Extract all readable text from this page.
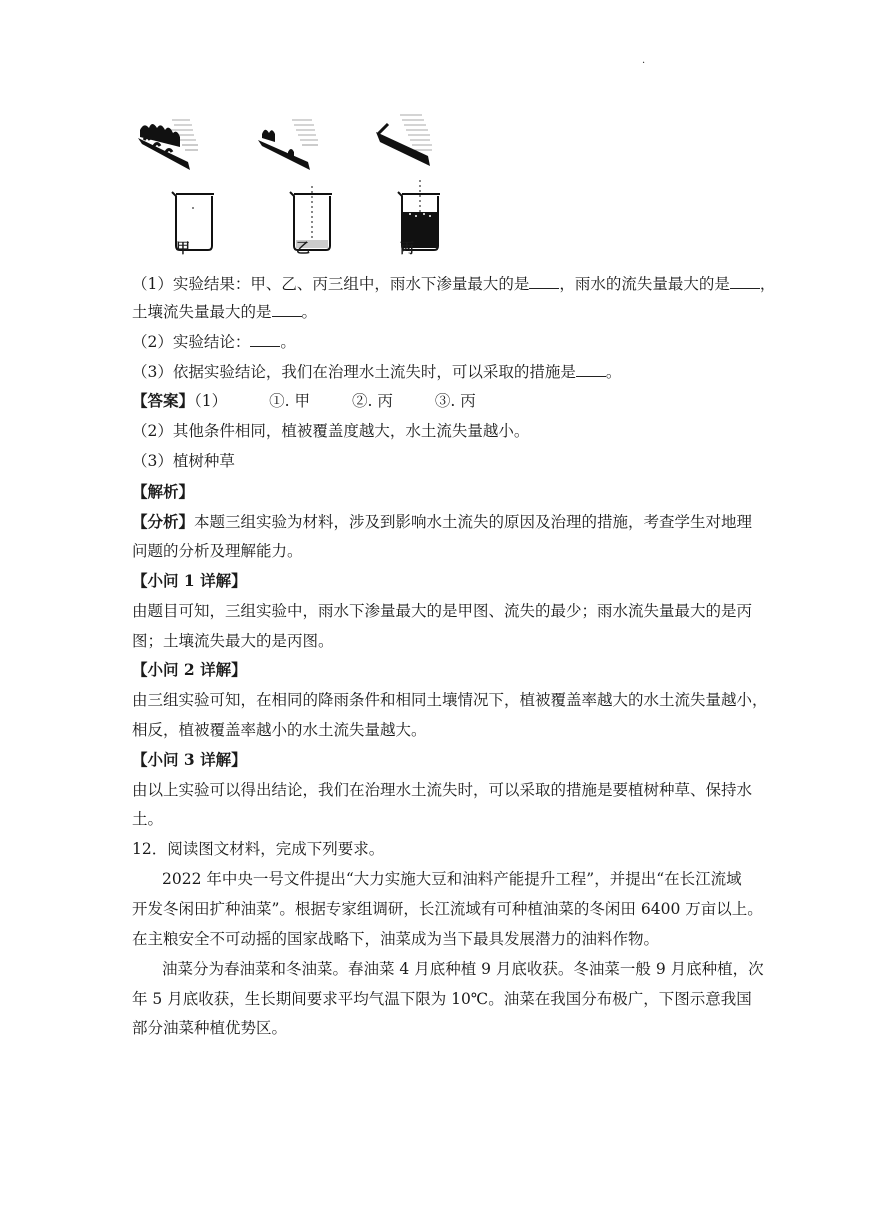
·
甲	乙	丙
（1）实验结果：甲、乙、丙三组中，雨水下渗量最大的是 ，雨水的流失量最大的是 ，
土壤流失量最大的是 。
（2）实验结论： 。
（3）依据实验结论，我们在治理水土流失时，可以采取的措施是 。
【答案】（1）	①. 甲	②. 丙	③. 丙
（2）其他条件相同，植被覆盖度越大，水土流失量越小。
（3）植树种草
【解析】
【分析】本题三组实验为材料，涉及到影响水土流失的原因及治理的措施，考查学生对地理
问题的分析及理解能力。
【小问 1 详解】
由题目可知，三组实验中，雨水下渗量最大的是甲图、流失的最少；雨水流失量最大的是丙
图；土壤流失最大的是丙图。
【小问 2 详解】
由三组实验可知，在相同的降雨条件和相同土壤情况下，植被覆盖率越大的水土流失量越小，
相反，植被覆盖率越小的水土流失量越大。
【小问 3 详解】
由以上实验可以得出结论，我们在治理水土流失时，可以采取的措施是要植树种草、保持水
土。
12．阅读图文材料，完成下列要求。
2022 年中央一号文件提出“大力实施大豆和油料产能提升工程”，并提出“在长江流域
开发冬闲田扩种油菜”。根据专家组调研，长江流域有可种植油菜的冬闲田 6400 万亩以上。
在主粮安全不可动摇的国家战略下，油菜成为当下最具发展潜力的油料作物。
油菜分为春油菜和冬油菜。春油菜 4 月底种植 9 月底收获。冬油菜一般 9 月底种植，次
年 5 月底收获，生长期间要求平均气温下限为 10℃。油菜在我国分布极广，下图示意我国
部分油菜种植优势区。
